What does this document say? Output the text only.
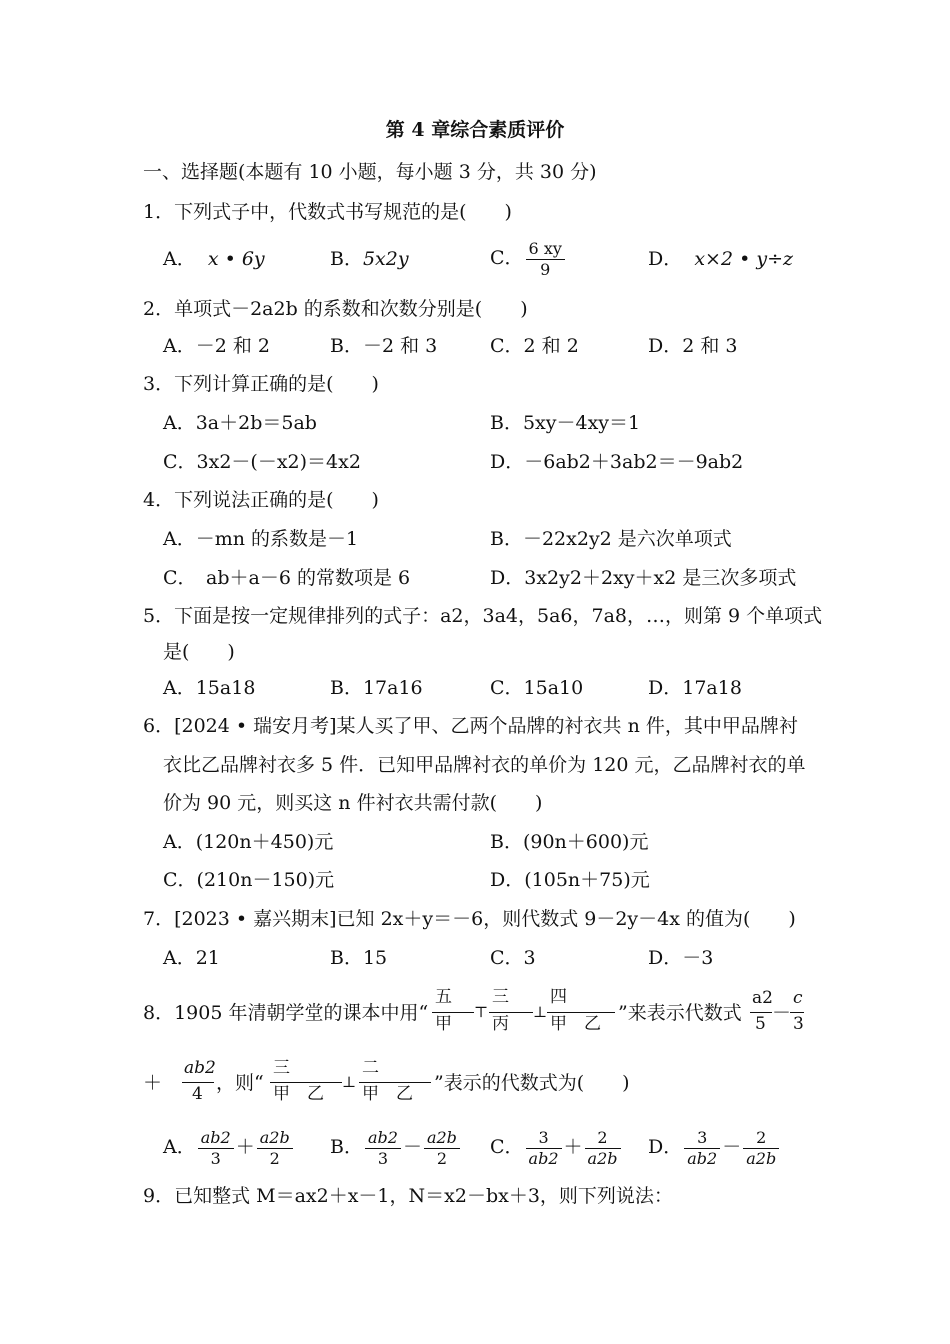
第 4 章综合素质评价
一、选择题(本题有 10 小题，每小题 3 分，共 30 分)
1．下列式子中，代数式书写规范的是(　　)
A． x • 6y	B．5x2y	C． $\frac{6 xy}{9}$	D． x×2 • y÷z
2．单项式－2a2b 的系数和次数分别是(　　)
A．－2 和 2	B．－2 和 3	C．2 和 2	D．2 和 3
3．下列计算正确的是(　　)
A．3a＋2b＝5ab	B．5xy－4xy＝1
C．3x2－(－x2)＝4x2	D．－6ab2＋3ab2＝－9ab2
4．下列说法正确的是(　　)
A．－mn 的系数是－1	B．－22x2y2 是六次单项式
C．　ab＋a－6 的常数项是 6	D．3x2y2＋2xy＋x2 是三次多项式
5．下面是按一定规律排列的式子：a2，3a4，5a6，7a8，…，则第 9 个单项式
是(　　)
A．15a18	B．17a16	C．15a10	D．17a18
6．[2024 • 瑞安月考]某人买了甲、乙两个品牌的衬衣共 n 件，其中甲品牌衬
衣比乙品牌衬衣多 5 件．已知甲品牌衬衣的单价为 120 元，乙品牌衬衣的单
价为 90 元，则买这 n 件衬衣共需付款(　　)
A．(120n＋450)元	B．(90n＋600)元
C．(210n－150)元	D．(105n＋75)元
7．[2023 • 嘉兴期末]已知 2x＋y＝－6，则代数式 9－2y－4x 的值为(　　)
A．21	B．15	C．3	D．－3
8．1905 年清朝学堂的课本中用“
五
甲
⊤
三
丙
⊥
四
甲　乙 ”来表示代数式
a2
5 －
c
3
＋
ab2
4 ，则“
三
甲　乙
⊥
二
甲　乙 ”表示的代数式为(　　)
A． $\frac{ab2}{3} + \frac{a2b}{2}$ B． $\frac{ab2}{3} - \frac{a2b}{2}$ C． $\frac{3}{ab2} + \frac{2}{a2b}$ D． $\frac{3}{ab2} - \frac{2}{a2b}$
9．已知整式 M＝ax2＋x－1，N＝x2－bx＋3，则下列说法：
